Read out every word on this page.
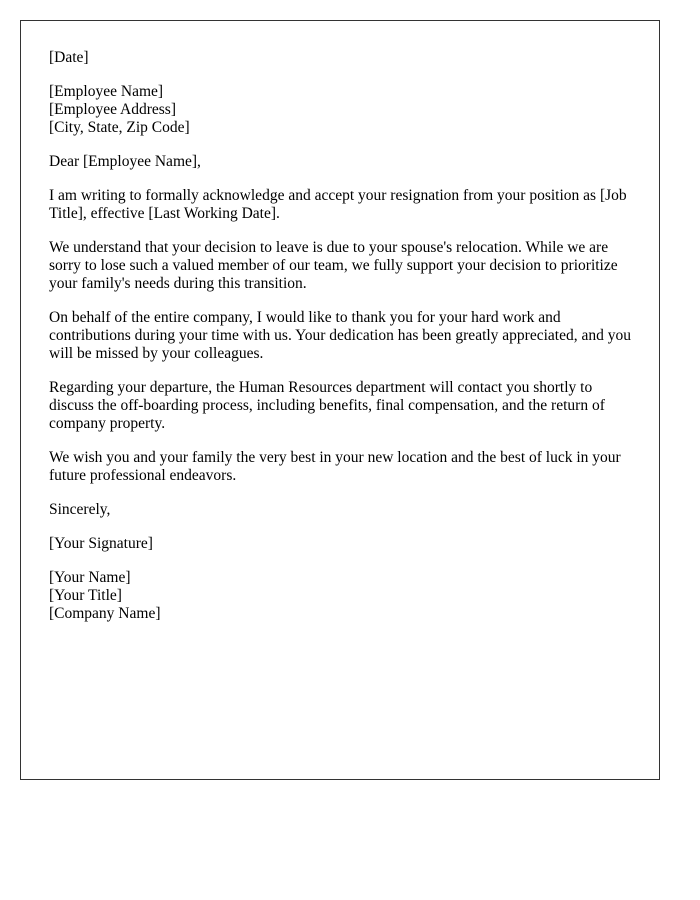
[Date]
[Employee Name]
[Employee Address]
[City, State, Zip Code]

Dear [Employee Name],

I am writing to formally acknowledge and accept your resignation from your position as [Job Title], effective [Last Working Date].

We understand that your decision to leave is due to your spouse's relocation. While we are sorry to lose such a valued member of our team, we fully support your decision to prioritize your family's needs during this transition.

On behalf of the entire company, I would like to thank you for your hard work and contributions during your time with us. Your dedication has been greatly appreciated, and you will be missed by your colleagues.

Regarding your departure, the Human Resources department will contact you shortly to discuss the off-boarding process, including benefits, final compensation, and the return of company property.

We wish you and your family the very best in your new location and the best of luck in your future professional endeavors.

Sincerely,

[Your Signature]

[Your Name]
[Your Title]
[Company Name]
